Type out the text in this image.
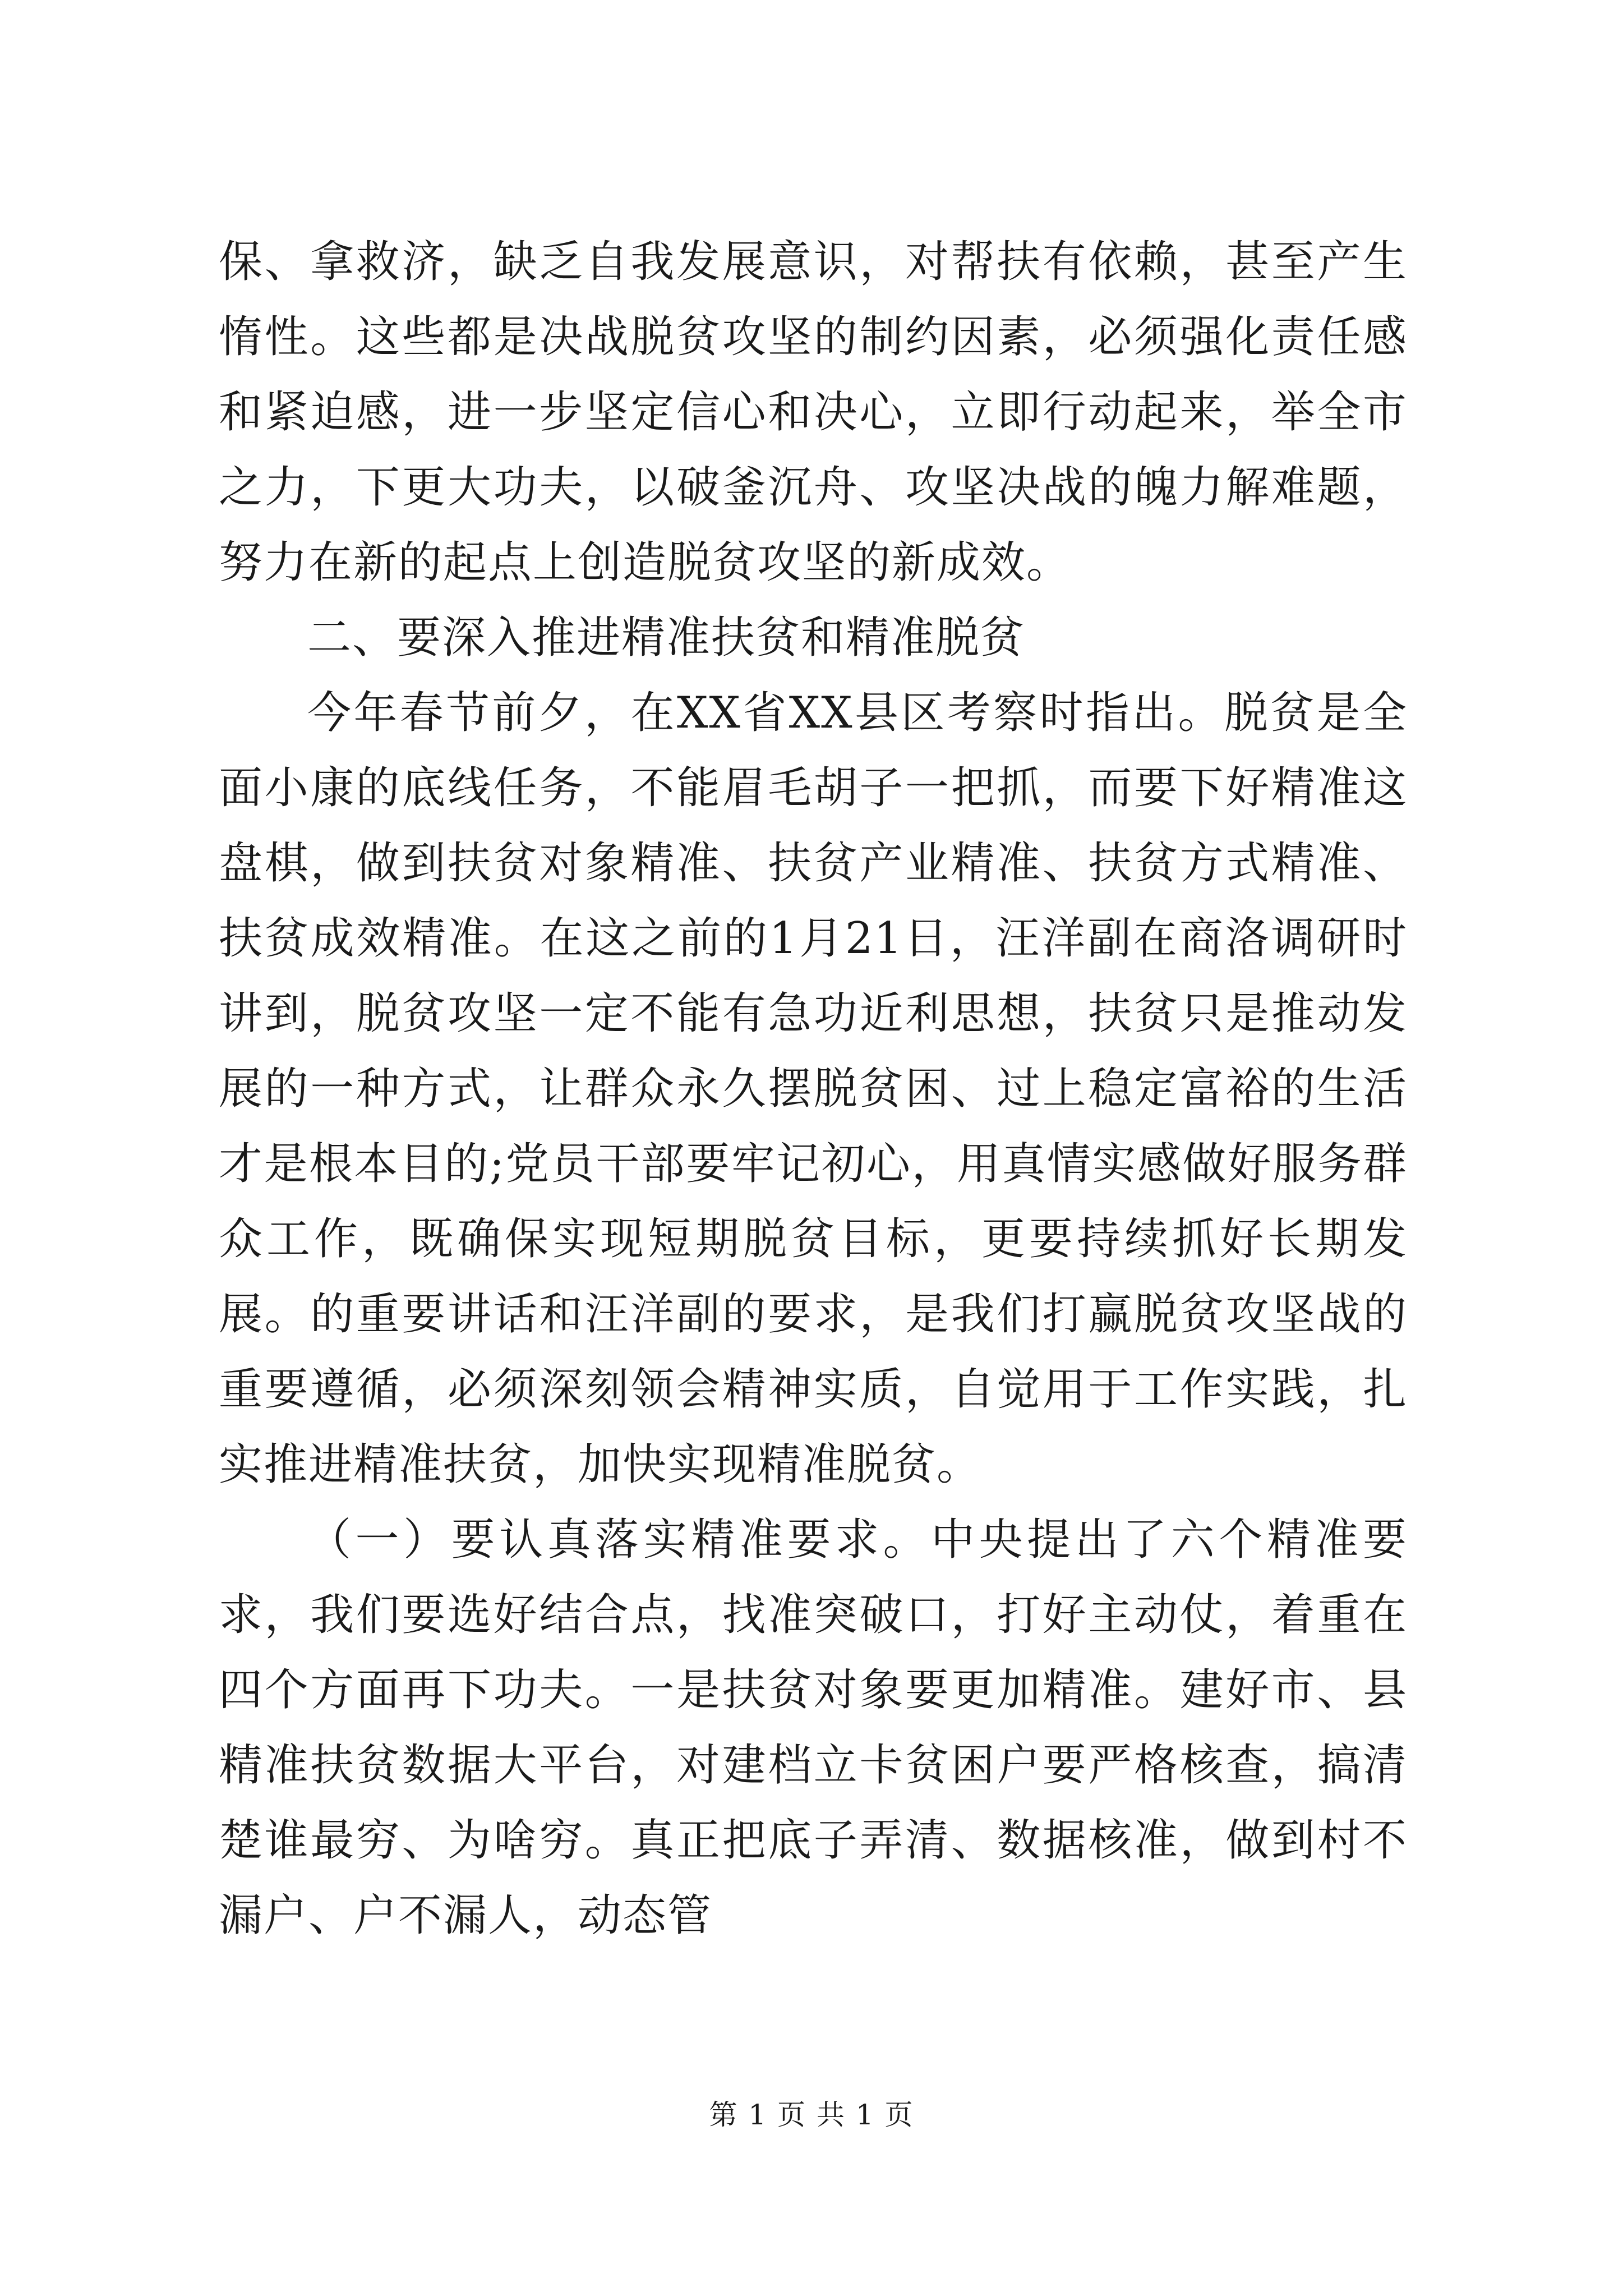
保、拿救济，缺乏自我发展意识，对帮扶有依赖，甚至产生惰性。这些都是决战脱贫攻坚的制约因素，必须强化责任感和紧迫感，进一步坚定信心和决心，立即行动起来，举全市之力，下更大功夫，以破釜沉舟、攻坚决战的魄力解难题，努力在新的起点上创造脱贫攻坚的新成效。

二、要深入推进精准扶贫和精准脱贫

今年春节前夕，在XX省XX县区考察时指出。脱贫是全面小康的底线任务，不能眉毛胡子一把抓，而要下好精准这盘棋，做到扶贫对象精准、扶贫产业精准、扶贫方式精准、扶贫成效精准。在这之前的1月21日，汪洋副在商洛调研时讲到，脱贫攻坚一定不能有急功近利思想，扶贫只是推动发展的一种方式，让群众永久摆脱贫困、过上稳定富裕的生活才是根本目的;党员干部要牢记初心，用真情实感做好服务群众工作，既确保实现短期脱贫目标，更要持续抓好长期发展。的重要讲话和汪洋副的要求，是我们打赢脱贫攻坚战的重要遵循，必须深刻领会精神实质，自觉用于工作实践，扎实推进精准扶贫，加快实现精准脱贫。

（一）要认真落实精准要求。中央提出了六个精准要求，我们要选好结合点，找准突破口，打好主动仗，着重在四个方面再下功夫。一是扶贫对象要更加精准。建好市、县精准扶贫数据大平台，对建档立卡贫困户要严格核查，搞清楚谁最穷、为啥穷。真正把底子弄清、数据核准，做到村不漏户、户不漏人，动态管

第 1 页 共 1 页
